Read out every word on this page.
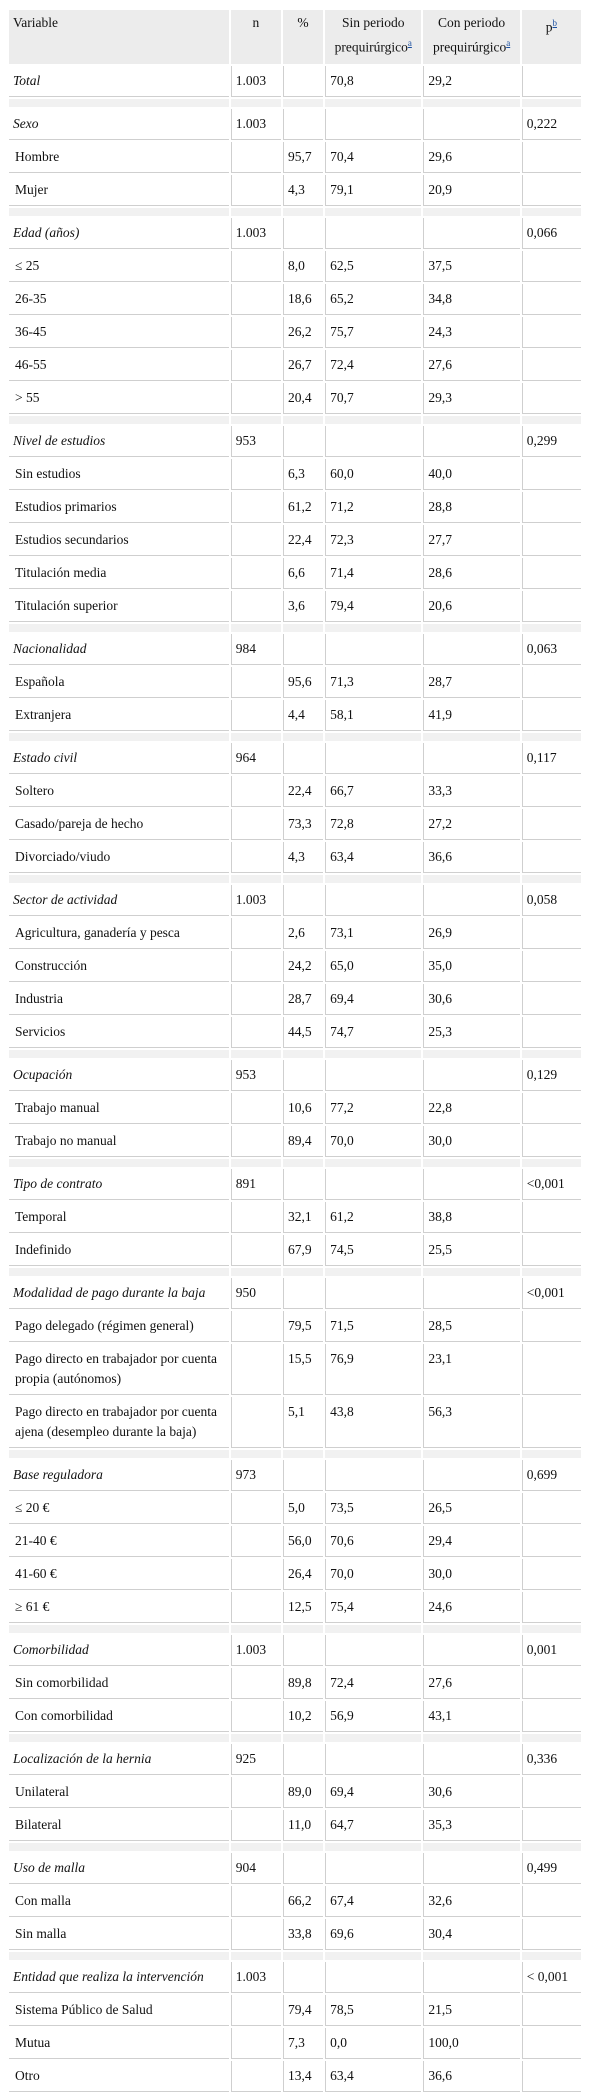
Variable	n	%	Sin periodo prequirúrgico$^a$	Con periodo prequirúrgico$^a$	$p^b$
Total	1.003		70,8	29,2	

Sexo	1.003				0,222
Hombre		95,7	70,4	29,6	
Mujer		4,3	79,1	20,9	

Edad (años)	1.003				0,066
≤ 25		8,0	62,5	37,5	
26-35		18,6	65,2	34,8	
36-45		26,2	75,7	24,3	
46-55		26,7	72,4	27,6	
> 55		20,4	70,7	29,3	

Nivel de estudios	953				0,299
Sin estudios		6,3	60,0	40,0	
Estudios primarios		61,2	71,2	28,8	
Estudios secundarios		22,4	72,3	27,7	
Titulación media		6,6	71,4	28,6	
Titulación superior		3,6	79,4	20,6	

Nacionalidad	984				0,063
Española		95,6	71,3	28,7	
Extranjera		4,4	58,1	41,9	

Estado civil	964				0,117
Soltero		22,4	66,7	33,3	
Casado/pareja de hecho		73,3	72,8	27,2	
Divorciado/viudo		4,3	63,4	36,6	

Sector de actividad	1.003				0,058
Agricultura, ganadería y pesca		2,6	73,1	26,9	
Construcción		24,2	65,0	35,0	
Industria		28,7	69,4	30,6	
Servicios		44,5	74,7	25,3	

Ocupación	953				0,129
Trabajo manual		10,6	77,2	22,8	
Trabajo no manual		89,4	70,0	30,0	

Tipo de contrato	891				<0,001
Temporal		32,1	61,2	38,8	
Indefinido		67,9	74,5	25,5	

Modalidad de pago durante la baja	950				<0,001
Pago delegado (régimen general)		79,5	71,5	28,5	
Pago directo en trabajador por cuenta propia (autónomos)		15,5	76,9	23,1	
Pago directo en trabajador por cuenta ajena (desempleo durante la baja)		5,1	43,8	56,3	

Base reguladora	973				0,699
≤ 20 €		5,0	73,5	26,5	
21-40 €		56,0	70,6	29,4	
41-60 €		26,4	70,0	30,0	
≥ 61 €		12,5	75,4	24,6	

Comorbilidad	1.003				0,001
Sin comorbilidad		89,8	72,4	27,6	
Con comorbilidad		10,2	56,9	43,1	

Localización de la hernia	925				0,336
Unilateral		89,0	69,4	30,6	
Bilateral		11,0	64,7	35,3	

Uso de malla	904				0,499
Con malla		66,2	67,4	32,6	
Sin malla		33,8	69,6	30,4	

Entidad que realiza la intervención	1.003				< 0,001
Sistema Público de Salud		79,4	78,5	21,5	
Mutua		7,3	0,0	100,0	
Otro		13,4	63,4	36,6	
